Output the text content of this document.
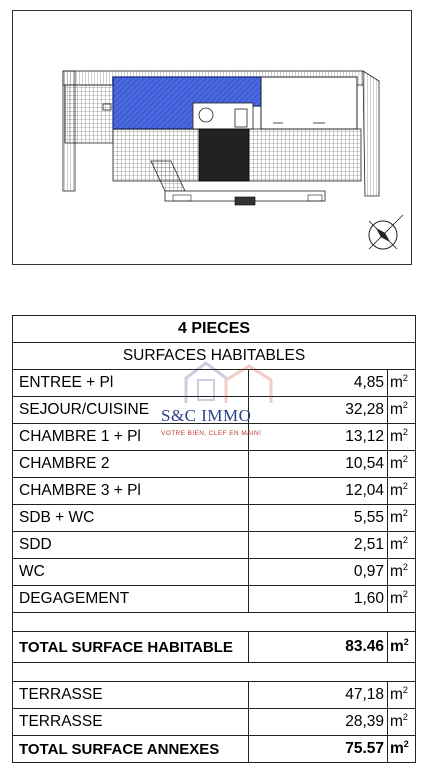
4 PIECES		
SURFACES HABITABLES		
ENTREE + Pl	4,85	$m^2$
SEJOUR/CUISINE	32,28	$m^2$
CHAMBRE 1 + Pl	13,12	$m^2$
CHAMBRE 2	10,54	$m^2$
CHAMBRE 3 + Pl	12,04	$m^2$
SDB + WC	5,55	$m^2$
SDD	2,51	$m^2$
WC	0,97	$m^2$
DEGAGEMENT	1,60	$m^2$

TOTAL SURFACE HABITABLE	83.46	$m^2$

TERRASSE	47,18	$m^2$
TERRASSE	28,39	$m^2$
TOTAL SURFACE ANNEXES	75.57	$m^2$
S&C IMMO
VOTRE BIEN, CLEF EN MAIN!
